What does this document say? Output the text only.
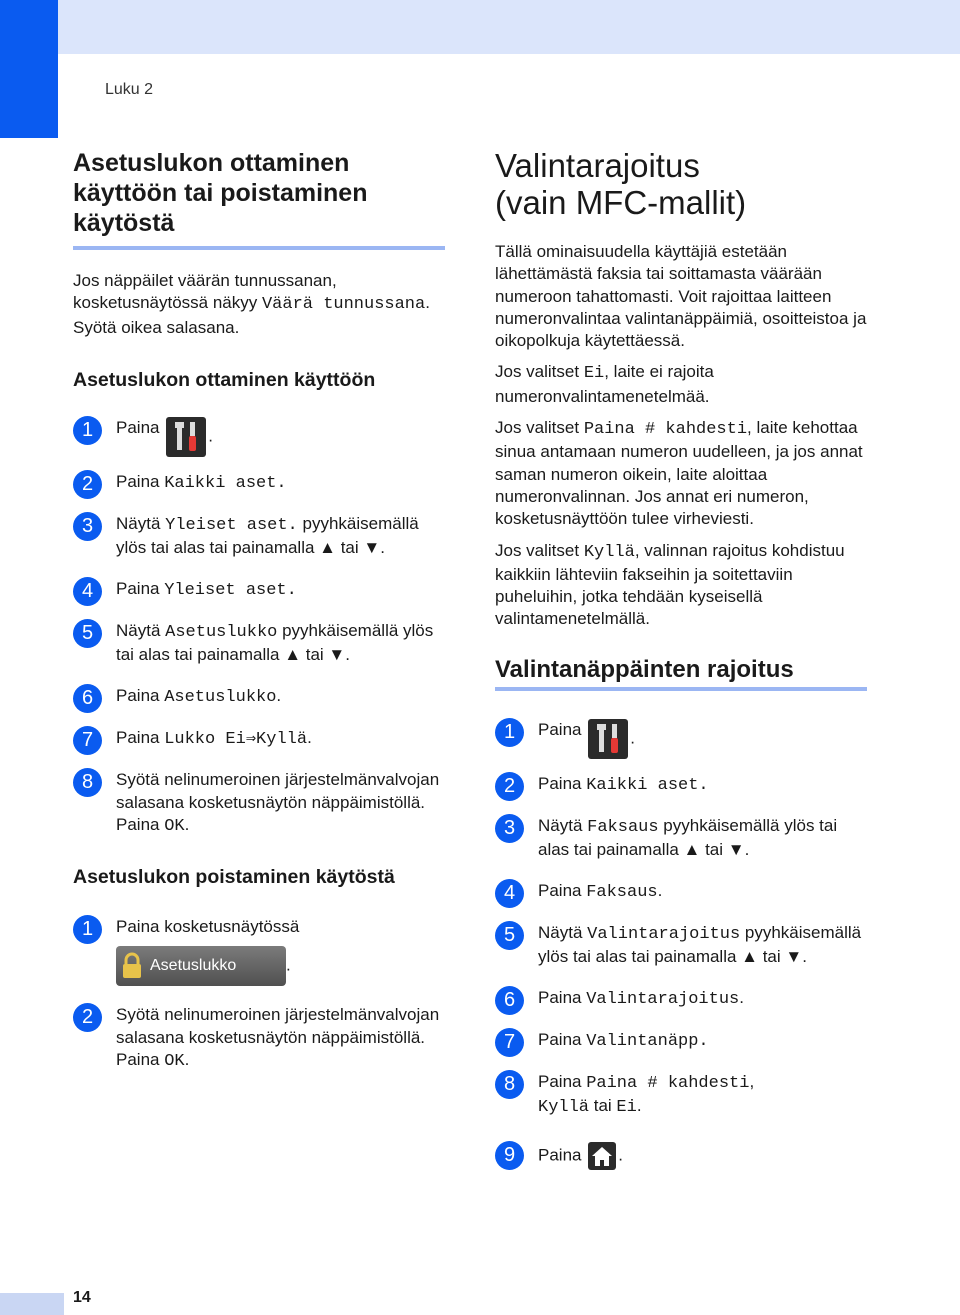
Luku 2
Asetuslukon ottaminen käyttöön tai poistaminen käytöstä

Jos näppäilet väärän tunnussanan, kosketusnäytössä näkyy Väärä tunnussana. Syötä oikea salasana.

Asetuslukon ottaminen käyttöön
1	Paina	.
2	Paina Kaikki aset.
3	Näytä Yleiset aset. pyyhkäisemällä ylös tai alas tai painamalla ▲ tai ▼.
4	Paina Yleiset aset.
5	Näytä Asetuslukko pyyhkäisemällä ylös tai alas tai painamalla ▲ tai ▼.
6	Paina Asetuslukko.
7	Paina Lukko Ei⇒Kyllä.
8	Syötä nelinumeroinen järjestelmänvalvojan salasana kosketusnäytön näppäimistöllä.
Paina OK.
Asetuslukon poistaminen käytöstä
1	Paina kosketusnäytössä
Asetuslukko	.
2	Syötä nelinumeroinen järjestelmänvalvojan salasana kosketusnäytön näppäimistöllä.
Paina OK.
Valintarajoitus
(vain MFC-mallit)

Tällä ominaisuudella käyttäjiä estetään lähettämästä faksia tai soittamasta väärään numeroon tahattomasti. Voit rajoittaa laitteen numeronvalintaa valintanäppäimiä, osoitteistoa ja oikopolkuja käytettäessä.

Jos valitset Ei, laite ei rajoita numeronvalintamenetelmää.

Jos valitset Paina # kahdesti, laite kehottaa sinua antamaan numeron uudelleen, ja jos annat saman numeron oikein, laite aloittaa numeronvalinnan. Jos annat eri numeron, kosketusnäyttöön tulee virheviesti.

Jos valitset Kyllä, valinnan rajoitus kohdistuu kaikkiin lähteviin fakseihin ja soitettaviin puheluihin, jotka tehdään kyseisellä valintamenetelmällä.

Valintanäppäinten rajoitus
1	Paina	.
2	Paina Kaikki aset.
3	Näytä Faksaus pyyhkäisemällä ylös tai alas tai painamalla ▲ tai ▼.
4	Paina Faksaus.
5	Näytä Valintarajoitus pyyhkäisemällä ylös tai alas tai painamalla ▲ tai ▼.
6	Paina Valintarajoitus.
7	Paina Valintanäpp.
8	Paina Paina # kahdesti,
Kyllä tai Ei.
9	Paina .
14
